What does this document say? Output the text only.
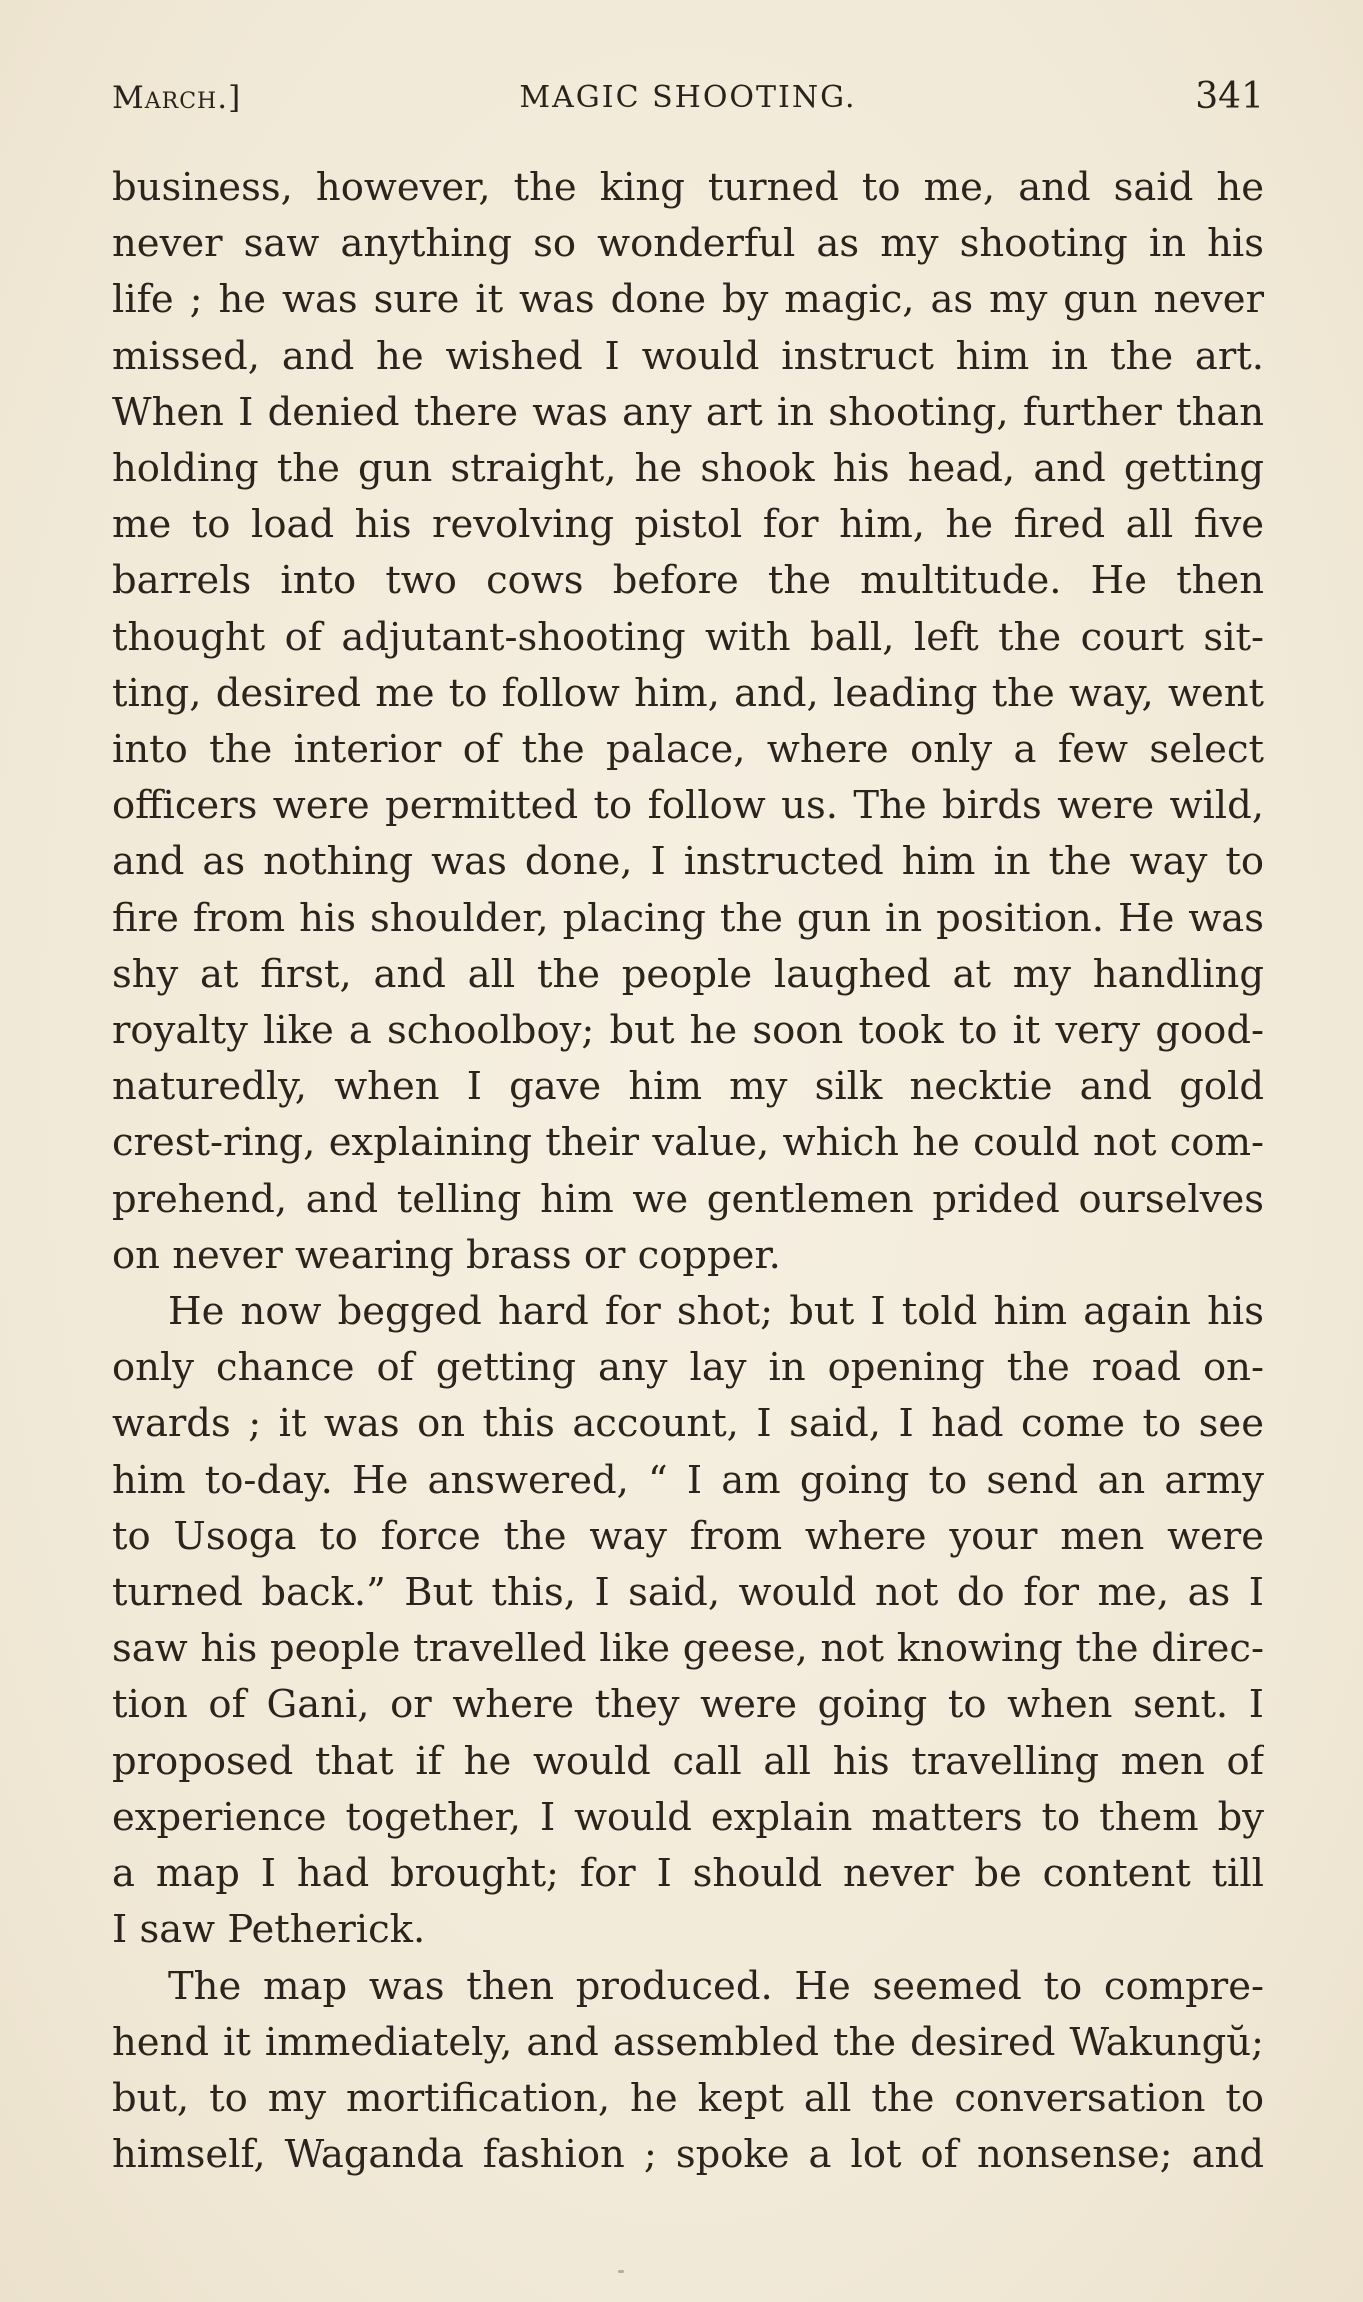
March.]	MAGIC SHOOTING.	341

business, however, the king turned to me, and said he

never saw anything so wonderful as my shooting in his

life ; he was sure it was done by magic, as my gun never

missed, and he wished I would instruct him in the art.

When I denied there was any art in shooting, further than

holding the gun straight, he shook his head, and getting

me to load his revolving pistol for him, he fired all five

barrels into two cows before the multitude. He then

thought of adjutant-shooting with ball, left the court sit-

ting, desired me to follow him, and, leading the way, went

into the interior of the palace, where only a few select

officers were permitted to follow us. The birds were wild,

and as nothing was done, I instructed him in the way to

fire from his shoulder, placing the gun in position. He was

shy at first, and all the people laughed at my handling

royalty like a schoolboy; but he soon took to it very good-

naturedly, when I gave him my silk necktie and gold

crest-ring, explaining their value, which he could not com-

prehend, and telling him we gentlemen prided ourselves

on never wearing brass or copper.

He now begged hard for shot; but I told him again his

only chance of getting any lay in opening the road on-

wards ; it was on this account, I said, I had come to see

him to-day. He answered, “ I am going to send an army

to Usoga to force the way from where your men were

turned back.” But this, I said, would not do for me, as I

saw his people travelled like geese, not knowing the direc-

tion of Gani, or where they were going to when sent. I

proposed that if he would call all his travelling men of

experience together, I would explain matters to them by

a map I had brought; for I should never be content till

I saw Petherick.

The map was then produced. He seemed to compre-

hend it immediately, and assembled the desired Wakungŭ;

but, to my mortification, he kept all the conversation to

himself, Waganda fashion ; spoke a lot of nonsense; and
